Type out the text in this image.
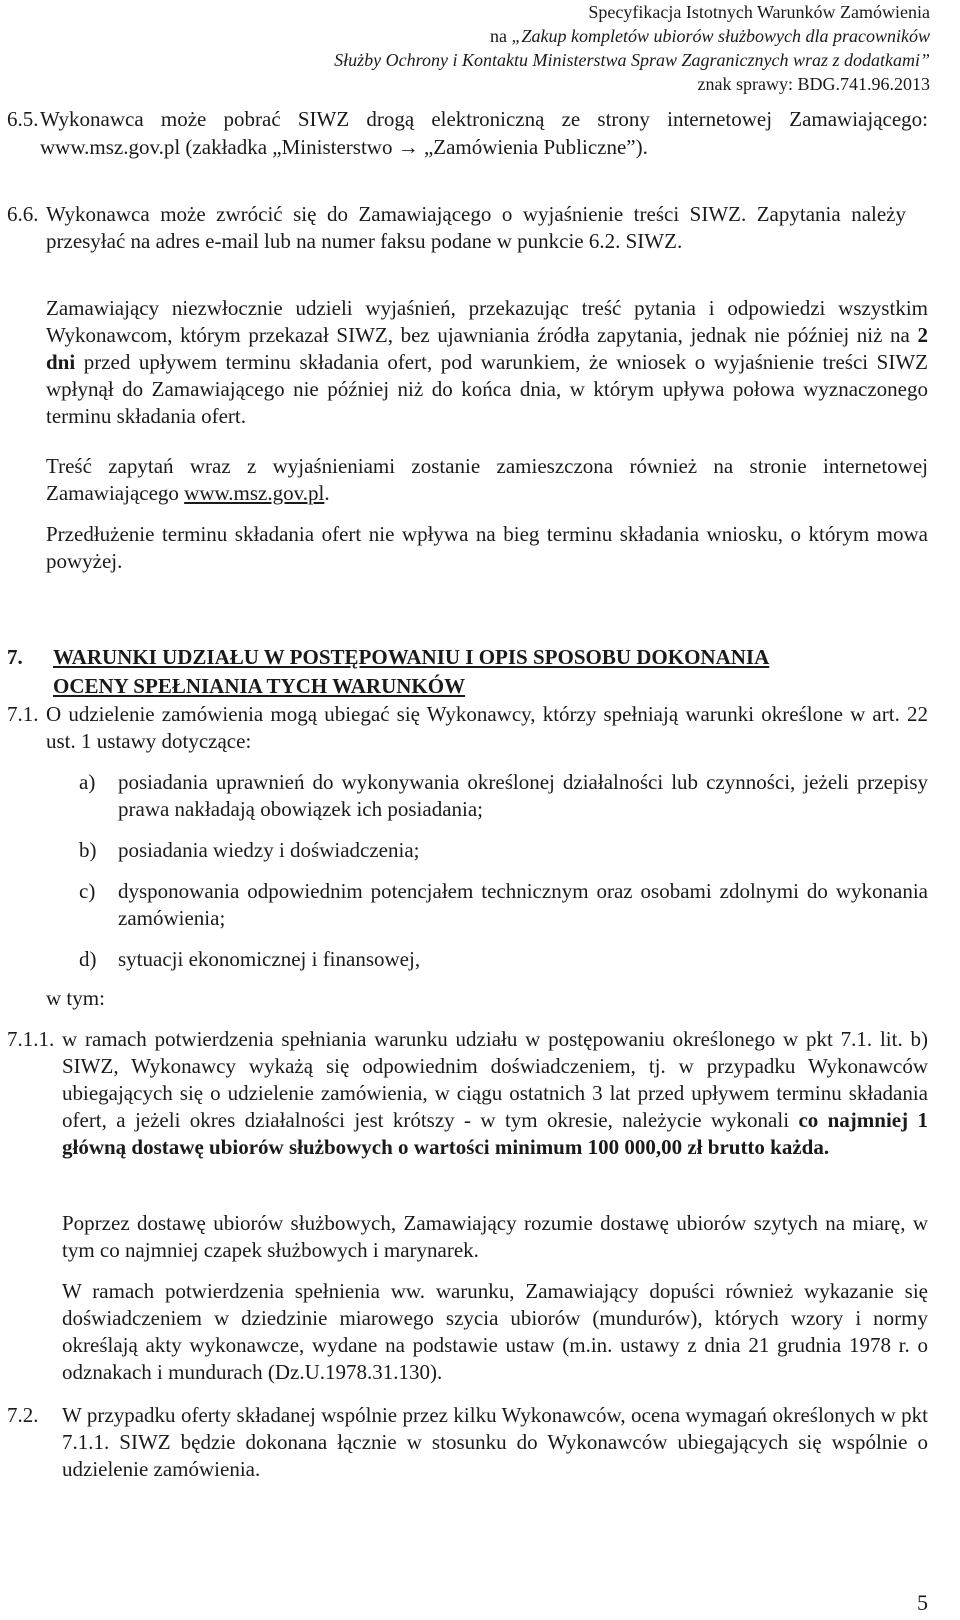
Specyfikacja Istotnych Warunków Zamówienia
na „Zakup kompletów ubiorów służbowych dla pracowników
Służby Ochrony i Kontaktu Ministerstwa Spraw Zagranicznych wraz z dodatkami”
znak sprawy: BDG.741.96.2013
6.5. Wykonawca może pobrać SIWZ drogą elektroniczną ze strony internetowej Zamawiającego: www.msz.gov.pl (zakładka „Ministerstwo → „Zamówienia Publiczne”).
6.6. Wykonawca może zwrócić się do Zamawiającego o wyjaśnienie treści SIWZ. Zapytania należy przesyłać na adres e-mail lub na numer faksu podane w punkcie 6.2. SIWZ.
Zamawiający niezwłocznie udzieli wyjaśnień, przekazując treść pytania i odpowiedzi wszystkim Wykonawcom, którym przekazał SIWZ, bez ujawniania źródła zapytania, jednak nie później niż na 2 dni przed upływem terminu składania ofert, pod warunkiem, że wniosek o wyjaśnienie treści SIWZ wpłynął do Zamawiającego nie później niż do końca dnia, w którym upływa połowa wyznaczonego terminu składania ofert.
Treść zapytań wraz z wyjaśnieniami zostanie zamieszczona również na stronie internetowej Zamawiającego www.msz.gov.pl.
Przedłużenie terminu składania ofert nie wpływa na bieg terminu składania wniosku, o którym mowa powyżej.
7. WARUNKI UDZIAŁU W POSTĘPOWANIU I OPIS SPOSOBU DOKONANIA
OCENY SPEŁNIANIA TYCH WARUNKÓW
7.1. O udzielenie zamówienia mogą ubiegać się Wykonawcy, którzy spełniają warunki określone w art. 22 ust. 1 ustawy dotyczące:
a) posiadania uprawnień do wykonywania określonej działalności lub czynności, jeżeli przepisy prawa nakładają obowiązek ich posiadania;
b) posiadania wiedzy i doświadczenia;
c) dysponowania odpowiednim potencjałem technicznym oraz osobami zdolnymi do wykonania zamówienia;
d) sytuacji ekonomicznej i finansowej,
w tym:
7.1.1. w ramach potwierdzenia spełniania warunku udziału w postępowaniu określonego w pkt 7.1. lit. b) SIWZ, Wykonawcy wykażą się odpowiednim doświadczeniem, tj. w przypadku Wykonawców ubiegających się o udzielenie zamówienia, w ciągu ostatnich 3 lat przed upływem terminu składania ofert, a jeżeli okres działalności jest krótszy - w tym okresie, należycie wykonali co najmniej 1 główną dostawę ubiorów służbowych o wartości minimum 100 000,00 zł brutto każda.
Poprzez dostawę ubiorów służbowych, Zamawiający rozumie dostawę ubiorów szytych na miarę, w tym co najmniej czapek służbowych i marynarek.
W ramach potwierdzenia spełnienia ww. warunku, Zamawiający dopuści również wykazanie się doświadczeniem w dziedzinie miarowego szycia ubiorów (mundurów), których wzory i normy określają akty wykonawcze, wydane na podstawie ustaw (m.in. ustawy z dnia 21 grudnia 1978 r. o odznakach i mundurach (Dz.U.1978.31.130).
7.2. W przypadku oferty składanej wspólnie przez kilku Wykonawców, ocena wymagań określonych w pkt 7.1.1. SIWZ będzie dokonana łącznie w stosunku do Wykonawców ubiegających się wspólnie o udzielenie zamówienia.
5
